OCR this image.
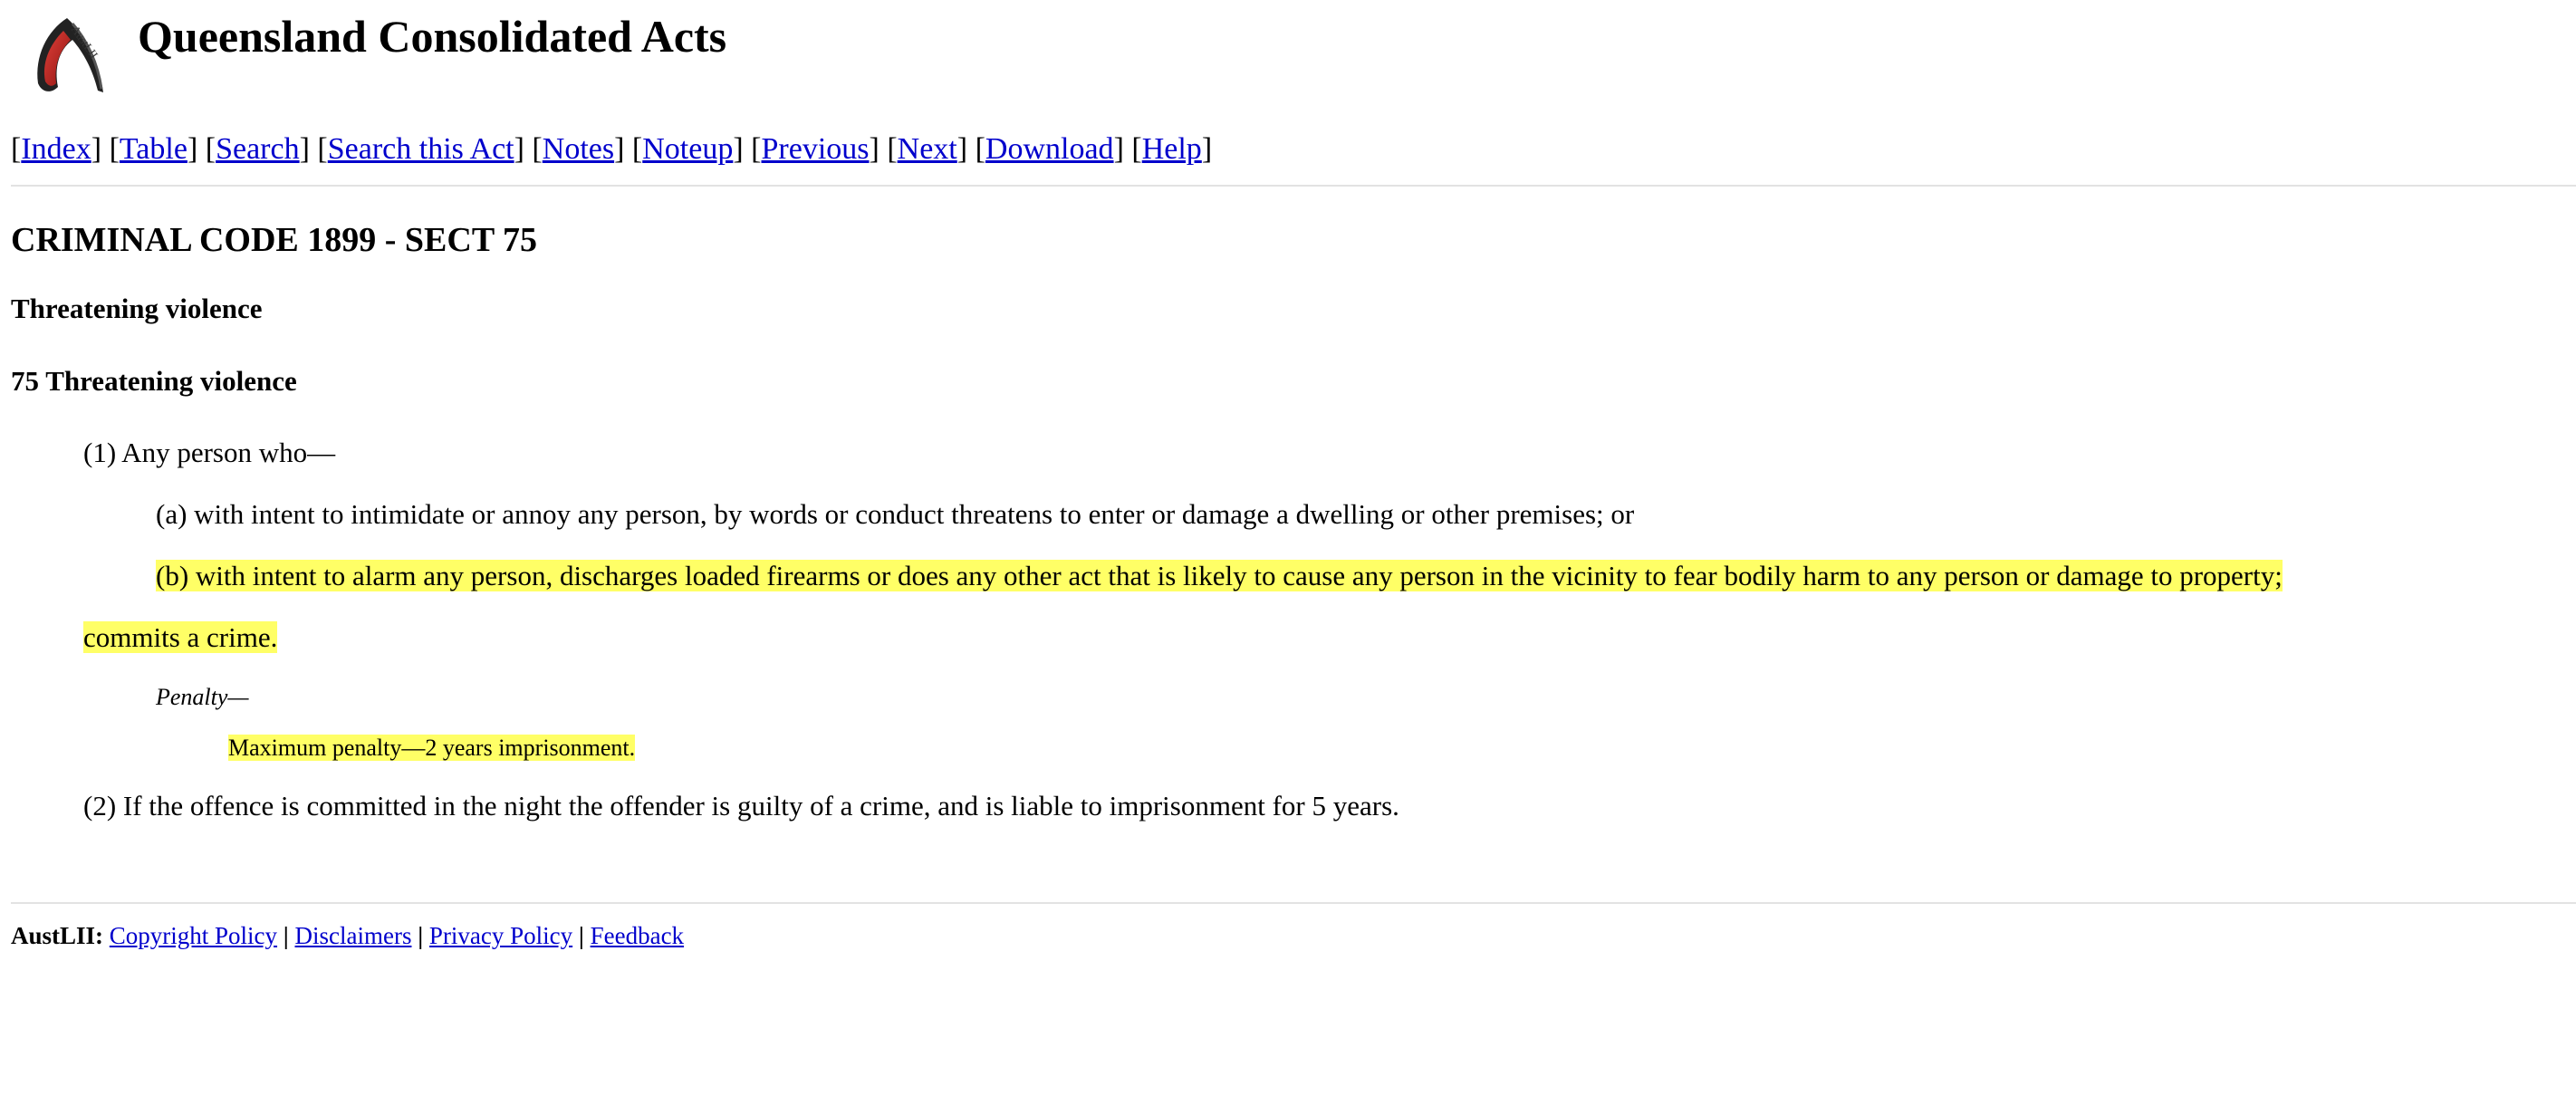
AustLII Queensland Consolidated Acts
[Index] [Table] [Search] [Search this Act] [Notes] [Noteup] [Previous] [Next] [Download] [Help]
CRIMINAL CODE 1899 - SECT 75
Threatening violence
75 Threatening violence

(1) Any person who—

(a) with intent to intimidate or annoy any person, by words or conduct threatens to enter or damage a dwelling or other premises; or

(b) with intent to alarm any person, discharges loaded firearms or does any other act that is likely to cause any person in the vicinity to fear bodily harm to any person or damage to property;

commits a crime.

Penalty—

Maximum penalty—2 years imprisonment.

(2) If the offence is committed in the night the offender is guilty of a crime, and is liable to imprisonment for 5 years.

AustLII: Copyright Policy | Disclaimers | Privacy Policy | Feedback
